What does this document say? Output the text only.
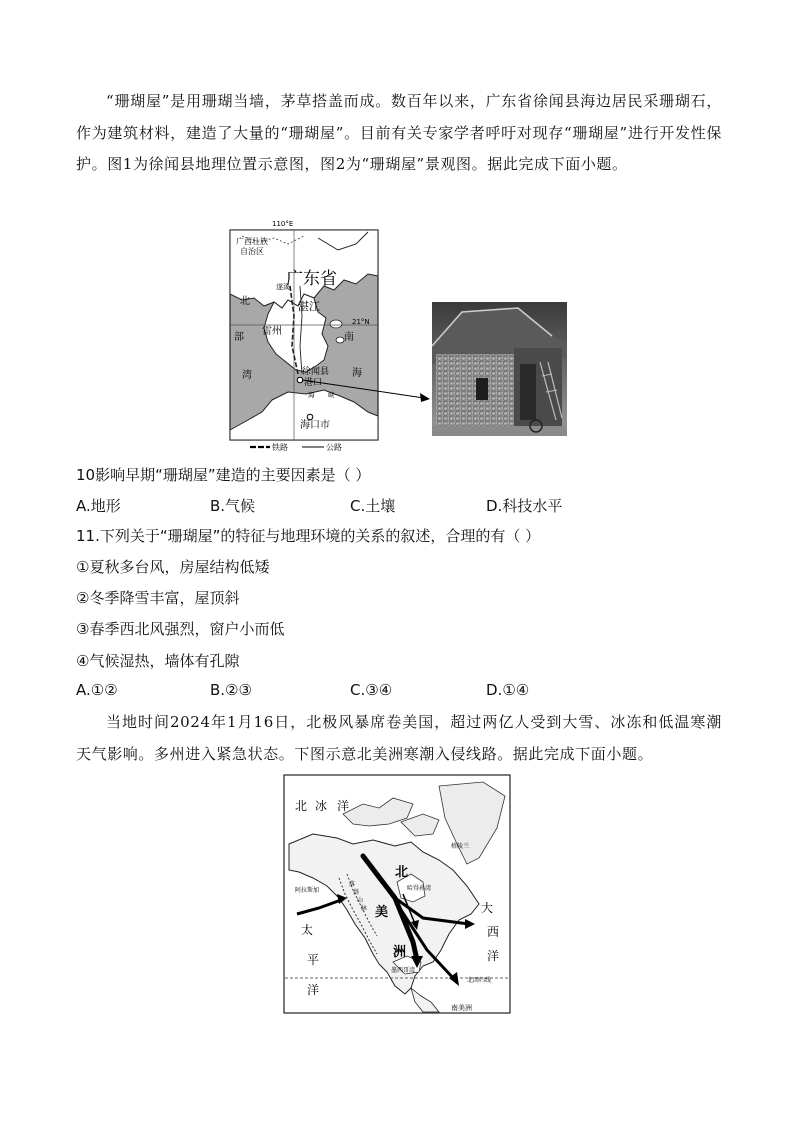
“珊瑚屋”是用珊瑚当墙，茅草搭盖而成。数百年以来，广东省徐闻县海边居民采珊瑚石，作为建筑材料，建造了大量的“珊瑚屋”。目前有关专家学者呼吁对现存“珊瑚屋”进行开发性保护。图1为徐闻县地理位置示意图，图2为“珊瑚屋”景观图。据此完成下面小题。

110°E
21°N
广西壮族
自治区
广东省
遂溪
湛江
雷州
徐闻县
港口
海 峡
海口市
北
部
湾
南
海
铁路	公路

10影响早期“珊瑚屋”建造的主要因素是（ ）

A.地形	B.气候	C.土壤	D.科技水平

11.下列关于“珊瑚屋”的特征与地理环境的关系的叙述，合理的有（ ）

①夏秋多台风，房屋结构低矮

②冬季降雪丰富，屋顶斜

③春季西北风强烈，窗户小而低

④气候湿热，墙体有孔隙

A.①②	B.②③	C.③④	D.①④

当地时间2024年1月16日，北极风暴席卷美国，超过两亿人受到大雪、冰冻和低温寒潮天气影响。多州进入紧急状态。下图示意北美洲寒潮入侵线路。据此完成下面小题。

北 冰 洋
格陵兰
阿拉斯加
太
平
洋
大
西
洋
北
美
洲
哈得孙湾
墨西哥湾
落
基
山
脉
北回归线
南美洲
